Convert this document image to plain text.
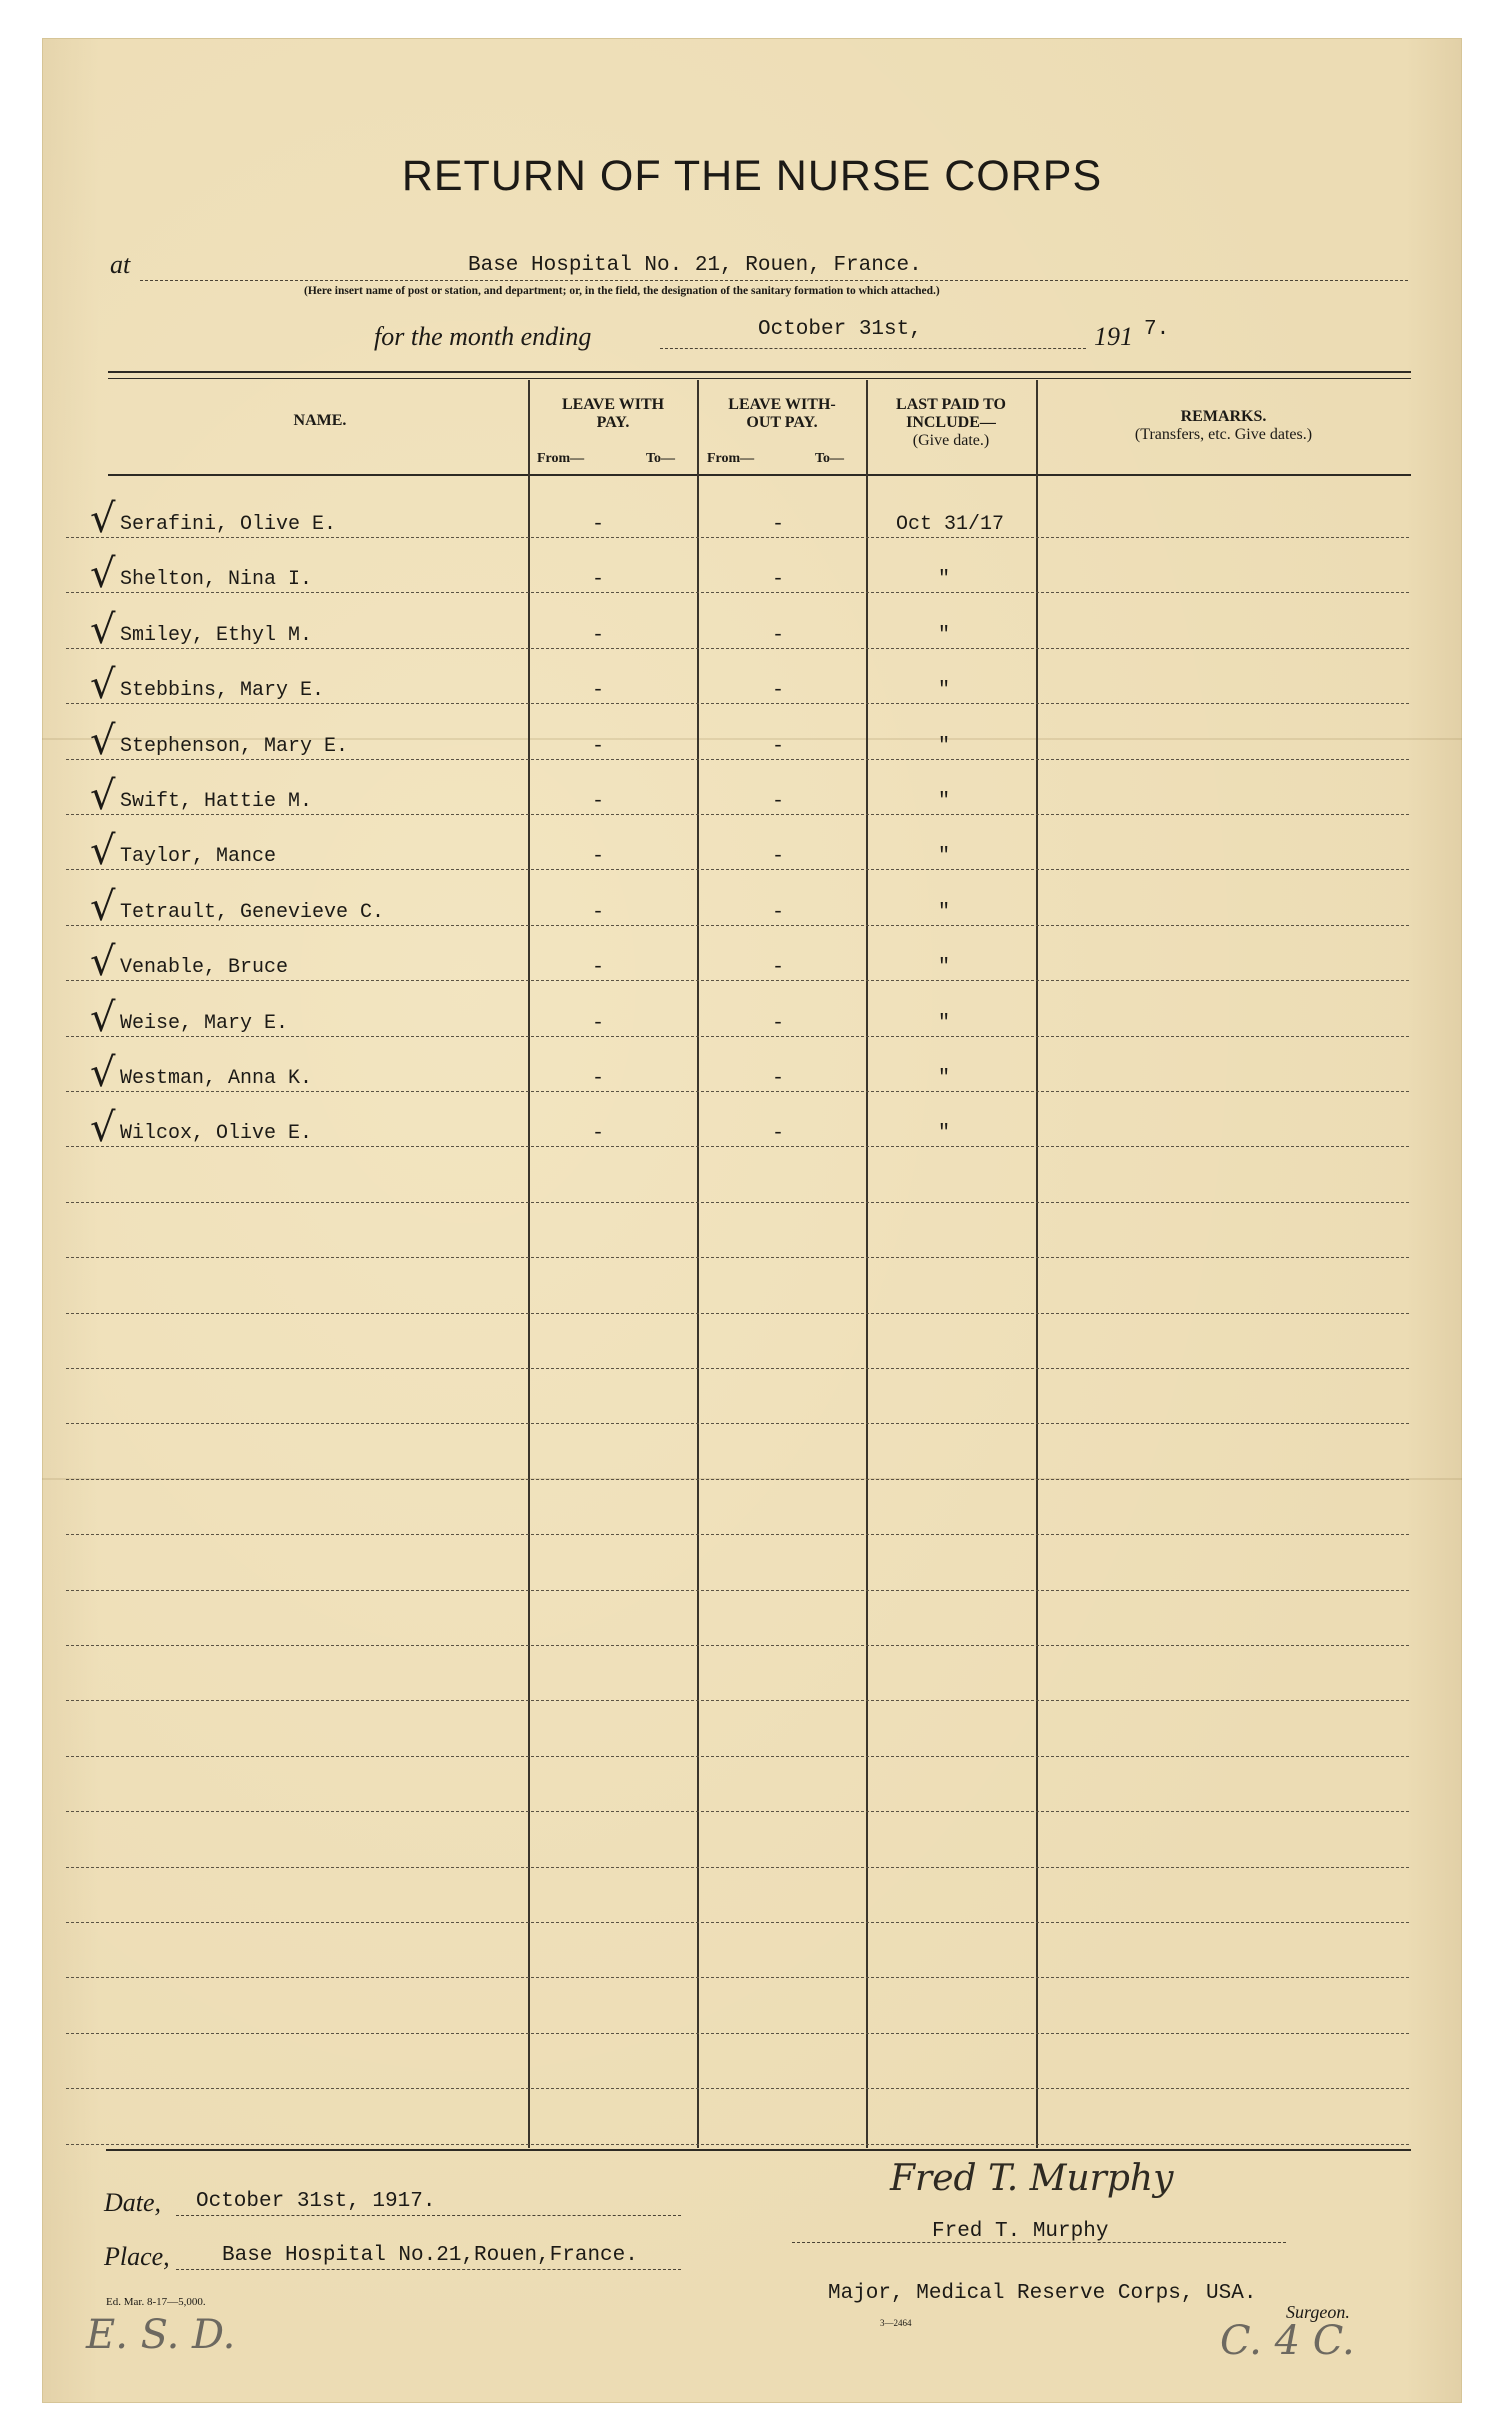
RETURN OF THE NURSE CORPS
at	Base Hospital No. 21, Rouen, France.
(Here insert name of post or station, and department; or, in the field, the designation of the sanitary formation to which attached.)
for the month ending	October 31st,	191 7.
NAME.
LEAVE WITH
PAY.
From—	To—
LEAVE WITH-
OUT PAY.
From—	To—
LAST PAID TO
INCLUDE—
(Give date.)
REMARKS.
(Transfers, etc. Give dates.)
√ Serafini, Olive E.	-	-	Oct 31/17
√ Shelton, Nina I.	-	-	"
√ Smiley, Ethyl M.	-	-	"
√ Stebbins, Mary E.	-	-	"
√ Stephenson, Mary E.	-	-	"
√ Swift, Hattie M.	-	-	"
√ Taylor, Mance	-	-	"
√ Tetrault, Genevieve C.	-	-	"
√ Venable, Bruce	-	-	"
√ Weise, Mary E.	-	-	"
√ Westman, Anna K.	-	-	"
√ Wilcox, Olive E.	-	-	"
Date, October 31st, 1917.
Place, Base Hospital No.21,Rouen,France.
Ed. Mar. 8-17—5,000.
Fred T. Murphy
Fred T. Murphy
Major, Medical Reserve Corps, USA.
3—2464
Surgeon.
E. S. D.	C. 4 C.
